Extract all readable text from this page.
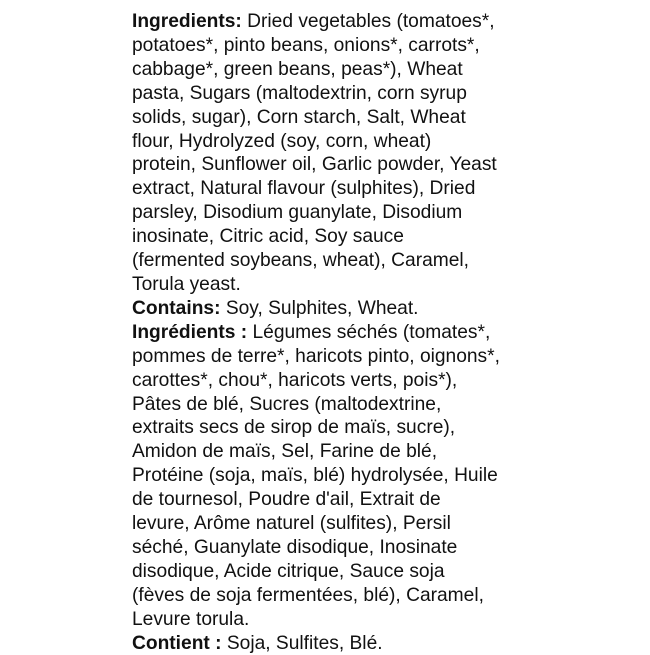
Ingredients: Dried vegetables (tomatoes*,
potatoes*, pinto beans, onions*, carrots*,
cabbage*, green beans, peas*), Wheat
pasta, Sugars (maltodextrin, corn syrup
solids, sugar), Corn starch, Salt, Wheat
flour, Hydrolyzed (soy, corn, wheat)
protein, Sunflower oil, Garlic powder, Yeast
extract, Natural flavour (sulphites), Dried
parsley, Disodium guanylate, Disodium
inosinate, Citric acid, Soy sauce
(fermented soybeans, wheat), Caramel,
Torula yeast.
Contains: Soy, Sulphites, Wheat.
Ingrédients : Légumes séchés (tomates*,
pommes de terre*, haricots pinto, oignons*,
carottes*, chou*, haricots verts, pois*),
Pâtes de blé, Sucres (maltodextrine,
extraits secs de sirop de maïs, sucre),
Amidon de maïs, Sel, Farine de blé,
Protéine (soja, maïs, blé) hydrolysée, Huile
de tournesol, Poudre d'ail, Extrait de
levure, Arôme naturel (sulfites), Persil
séché, Guanylate disodique, Inosinate
disodique, Acide citrique, Sauce soja
(fèves de soja fermentées, blé), Caramel,
Levure torula.
Contient : Soja, Sulfites, Blé.
